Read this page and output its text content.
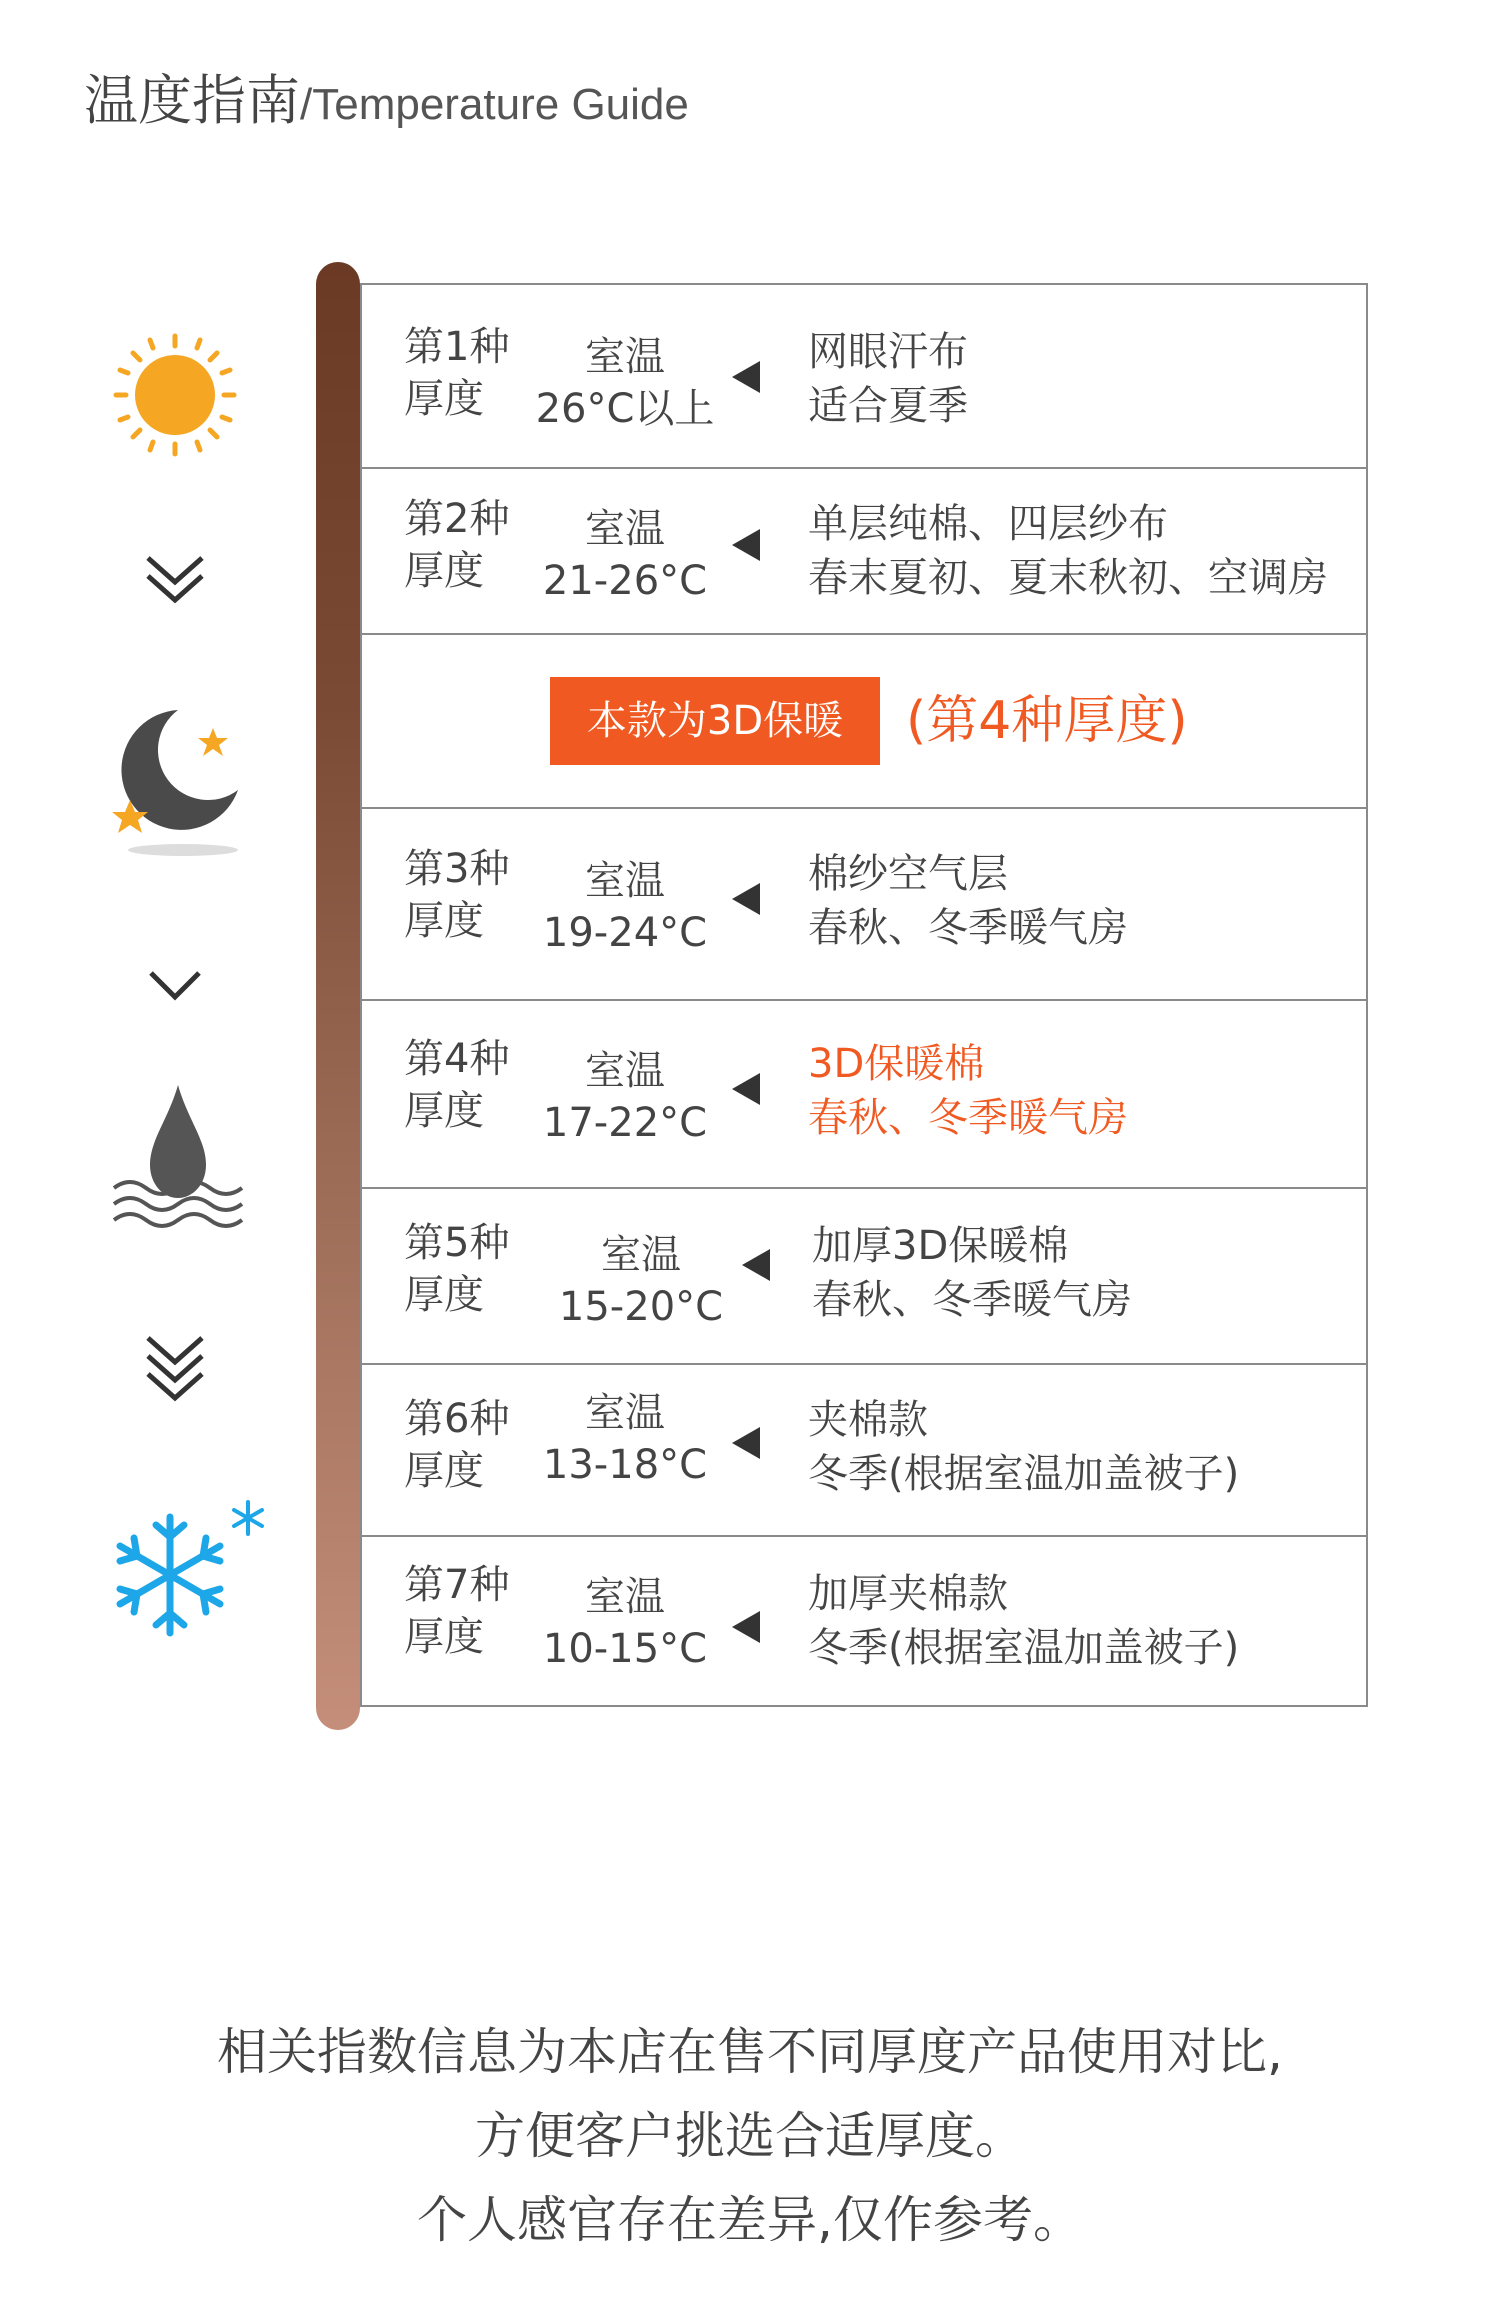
温度指南 /Temperature Guide
第1种
厚度
室温
26°C以上
网眼汗布
适合夏季
第2种
厚度
室温
21-26°C
单层纯棉、四层纱布
春末夏初、夏末秋初、空调房
本款为3D保暖	(第4种厚度)
第3种
厚度
室温
19-24°C
棉纱空气层
春秋、冬季暖气房
第4种
厚度
室温
17-22°C
3D保暖棉
春秋、冬季暖气房
第5种
厚度
室温
15-20°C
加厚3D保暖棉
春秋、冬季暖气房
第6种
厚度
室温
13-18°C
夹棉款
冬季(根据室温加盖被子)
第7种
厚度
室温
10-15°C
加厚夹棉款
冬季(根据室温加盖被子)
相关指数信息为本店在售不同厚度产品使用对比,
方便客户挑选合适厚度。
个人感官存在差异,仅作参考。
